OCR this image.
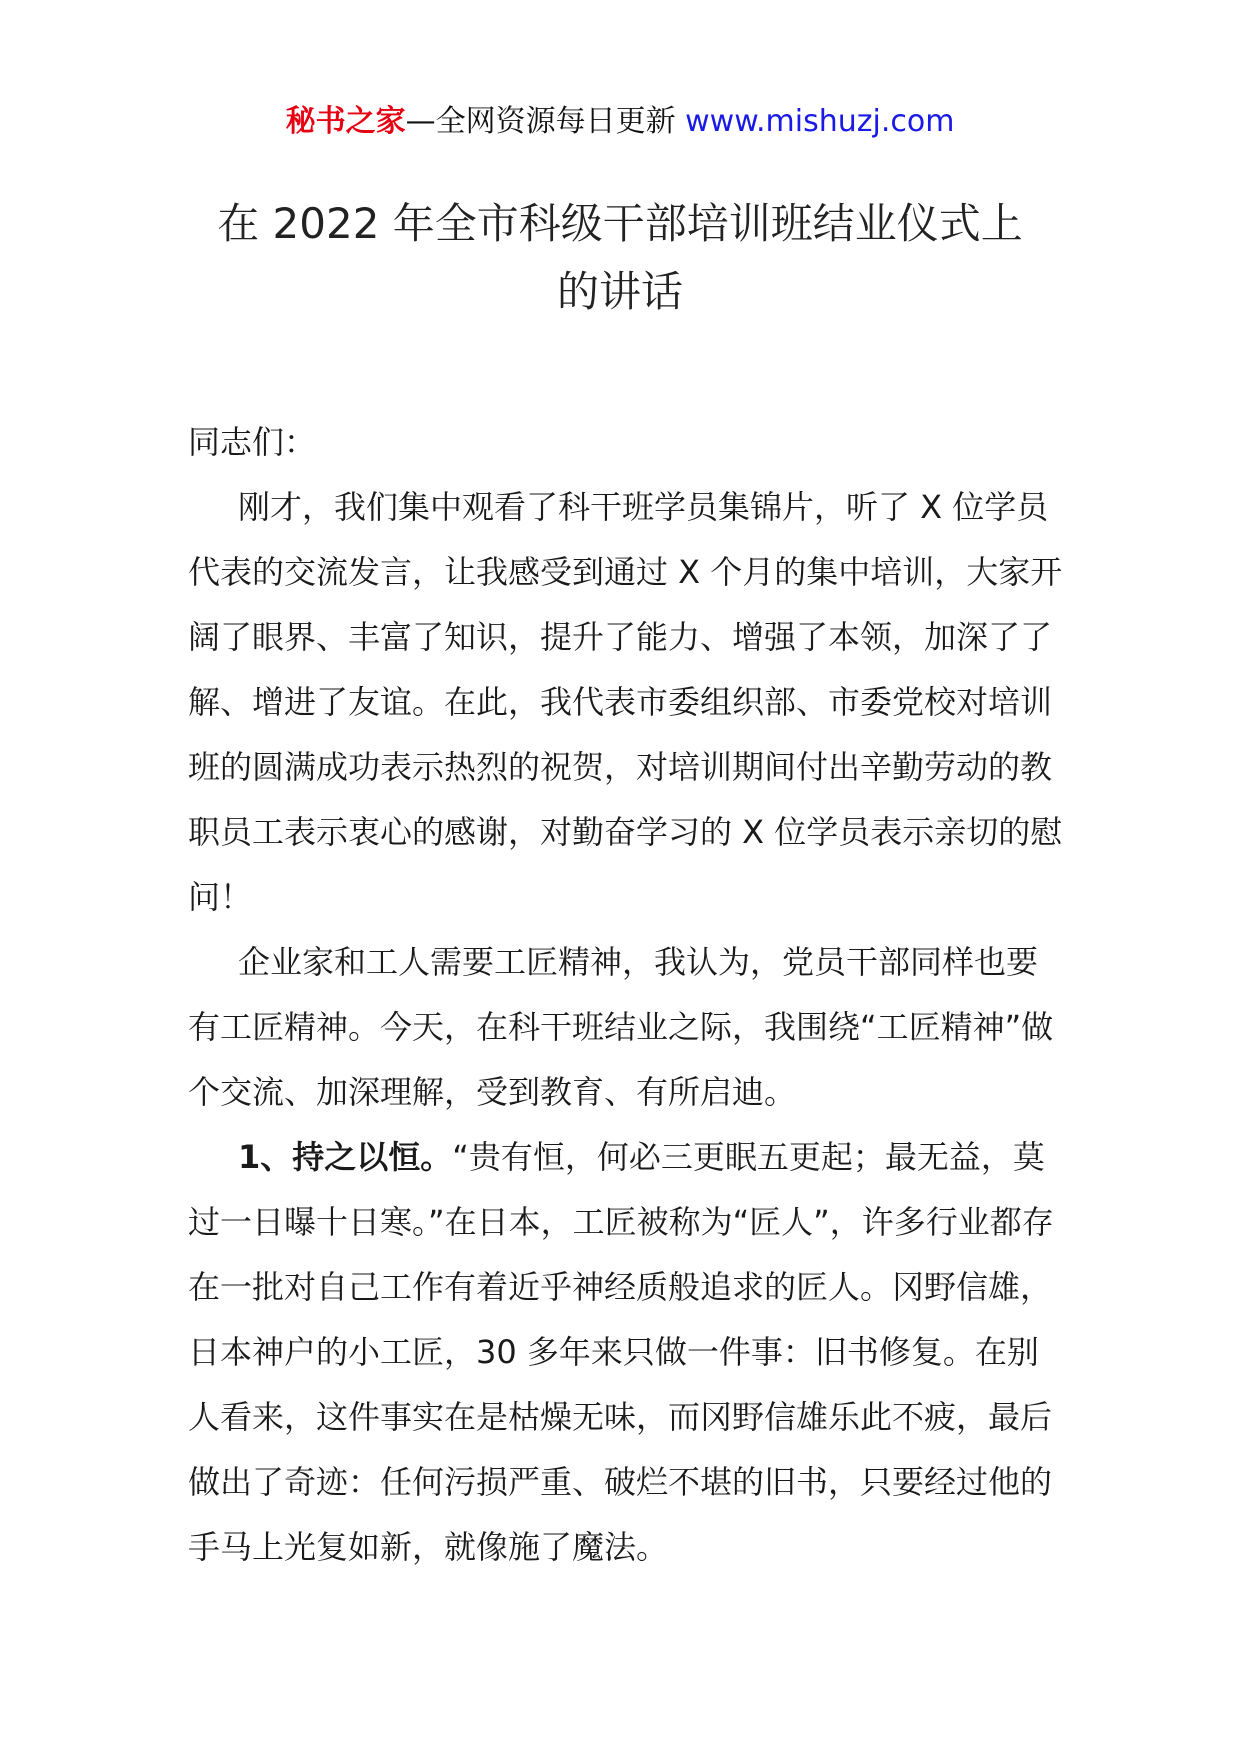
秘书之家—全网资源每日更新 www.mishuzj.com
在 2022 年全市科级干部培训班结业仪式上
的讲话

同志们：

刚才，我们集中观看了科干班学员集锦片，听了 X 位学员代表的交流发言，让我感受到通过 X 个月的集中培训，大家开阔了眼界、丰富了知识，提升了能力、增强了本领，加深了了解、增进了友谊。在此，我代表市委组织部、市委党校对培训班的圆满成功表示热烈的祝贺，对培训期间付出辛勤劳动的教职员工表示衷心的感谢，对勤奋学习的 X 位学员表示亲切的慰问！

企业家和工人需要工匠精神，我认为，党员干部同样也要有工匠精神。今天，在科干班结业之际，我围绕“工匠精神”做个交流、加深理解，受到教育、有所启迪。

1、持之以恒。“贵有恒，何必三更眠五更起；最无益，莫过一日曝十日寒。”在日本，工匠被称为“匠人”，许多行业都存在一批对自己工作有着近乎神经质般追求的匠人。冈野信雄，日本神户的小工匠，30 多年来只做一件事：旧书修复。在别人看来，这件事实在是枯燥无味，而冈野信雄乐此不疲，最后做出了奇迹：任何污损严重、破烂不堪的旧书，只要经过他的手马上光复如新，就像施了魔法。
